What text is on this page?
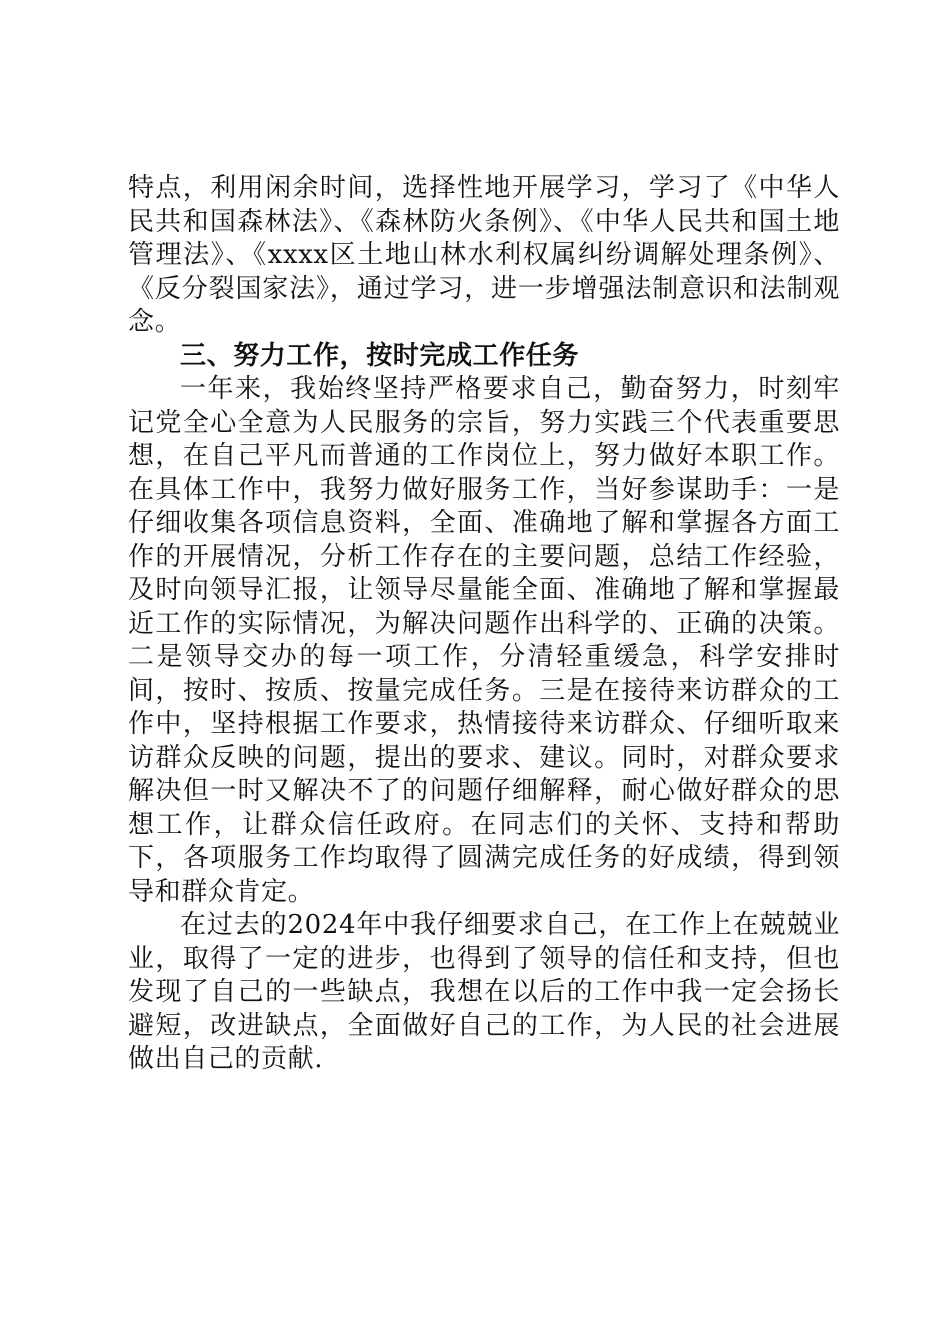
特点，利用闲余时间，选择性地开展学习，学习了《中华人民共和国森林法》、《森林防火条例》、《中华人民共和国土地管理法》、《xxxx区土地山林水利权属纠纷调解处理条例》、《反分裂国家法》，通过学习，进一步增强法制意识和法制观念。

三、努力工作，按时完成工作任务

一年来，我始终坚持严格要求自己，勤奋努力，时刻牢记党全心全意为人民服务的宗旨，努力实践三个代表重要思想，在自己平凡而普通的工作岗位上，努力做好本职工作。在具体工作中，我努力做好服务工作，当好参谋助手：一是仔细收集各项信息资料，全面、准确地了解和掌握各方面工作的开展情况，分析工作存在的主要问题，总结工作经验，及时向领导汇报，让领导尽量能全面、准确地了解和掌握最近工作的实际情况，为解决问题作出科学的、正确的决策。二是领导交办的每一项工作，分清轻重缓急，科学安排时间，按时、按质、按量完成任务。三是在接待来访群众的工作中，坚持根据工作要求，热情接待来访群众、仔细听取来访群众反映的问题，提出的要求、建议。同时，对群众要求解决但一时又解决不了的问题仔细解释，耐心做好群众的思想工作，让群众信任政府。在同志们的关怀、支持和帮助下，各项服务工作均取得了圆满完成任务的好成绩，得到领导和群众肯定。

在过去的2024年中我仔细要求自己，在工作上在兢兢业业，取得了一定的进步，也得到了领导的信任和支持，但也发现了自己的一些缺点，我想在以后的工作中我一定会扬长避短，改进缺点，全面做好自己的工作，为人民的社会进展做出自己的贡献.
